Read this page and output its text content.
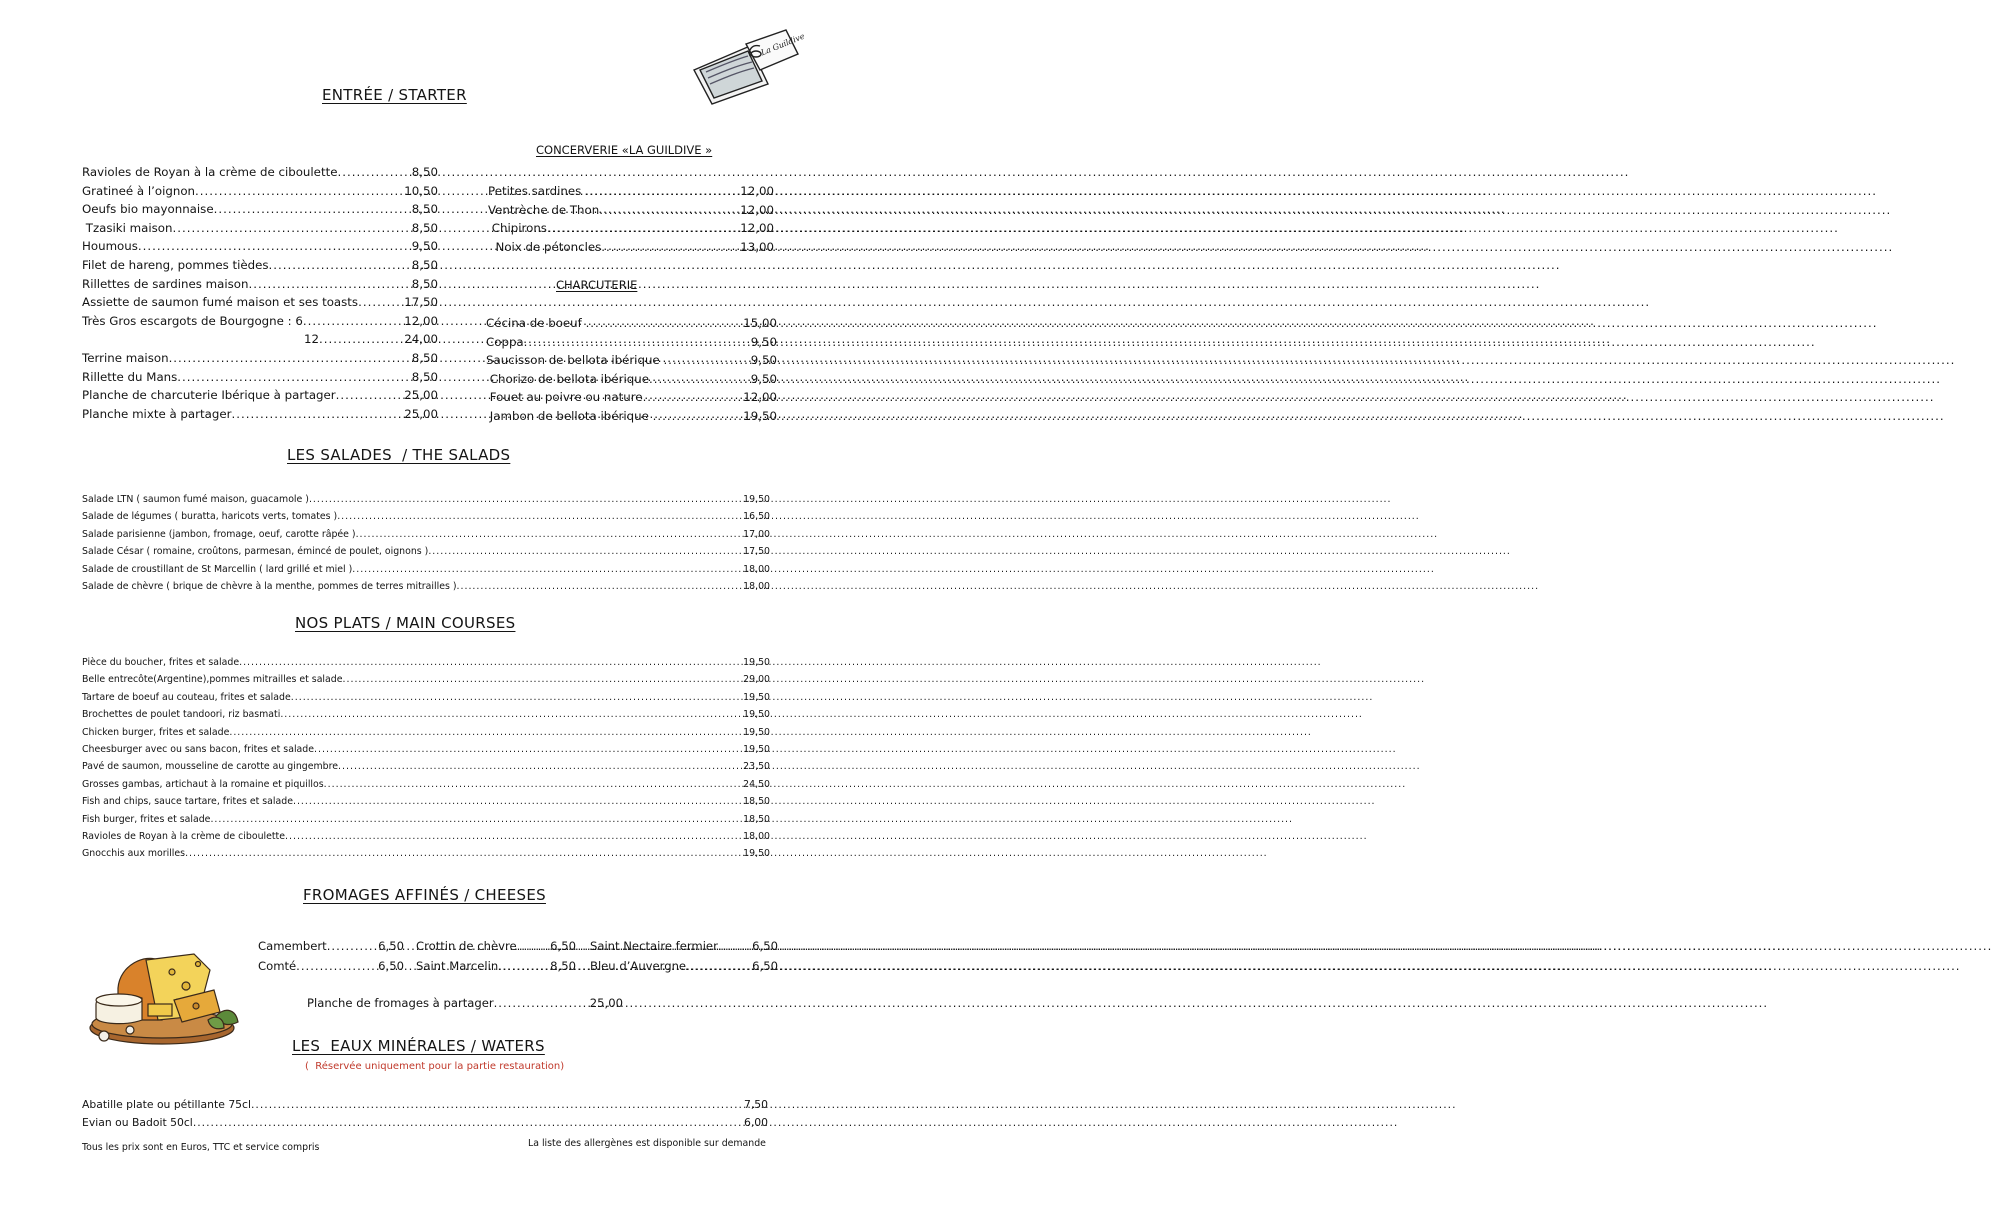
La Guildive
ENTRÉE / STARTER
Ravioles de Royan à la crème de ciboulette .....	8,50
Gratineé à l’oignon .....	10,50
Oeufs bio mayonnaise .....	8,50
Tzasiki maison .....	8,50
Houmous .....	9,50
Filet de hareng, pommes tièdes .....	8,50
Rillettes de sardines maison .....	8,50
Assiette de saumon fumé maison et ses toasts .....	17,50
Très Gros escargots de Bourgogne : 6 .....	12,00
12 .....	24,00
Terrine maison .....	8,50
Rillette du Mans .....	8,50
Planche de charcuterie Ibérique à partager .....	25,00
Planche mixte à partager .....	25,00
CONCERVERIE «LA GUILDIVE »
Petites sardines .....	12,00
Ventrèche de Thon .....	12,00
Chipirons .....	12,00
Noix de pétoncles .....	13,00
CHARCUTERIE
Cécina de boeuf .....	15,00
Coppa .....	9,50
Saucisson de bellota ibérique .....	9,50
Chorizo de bellota ibérique .....	9,50
Fouet au poivre ou nature .....	12,00
Jambon de bellota ibérique .....	19,50
LES SALADES  / THE SALADS
Salade LTN ( saumon fumé maison, guacamole ) .....	19,50
Salade de légumes ( buratta, haricots verts, tomates ) .....	16,50
Salade parisienne (jambon, fromage, oeuf, carotte râpée ) .....	17,00
Salade César ( romaine, croûtons, parmesan, émincé de poulet, oignons ) .....	17,50
Salade de croustillant de St Marcellin ( lard grillé et miel ) .....	18,00
Salade de chèvre ( brique de chèvre à la menthe, pommes de terres mitrailles ) .....	18,00
NOS PLATS / MAIN COURSES
Pièce du boucher, frites et salade .....	19,50
Belle entrecôte(Argentine),pommes mitrailles et salade .....	29,00
Tartare de boeuf au couteau, frites et salade .....	19,50
Brochettes de poulet tandoori, riz basmati .....	19,50
Chicken burger, frites et salade .....	19,50
Cheesburger avec ou sans bacon, frites et salade .....	19,50
Pavé de saumon, mousseline de carotte au gingembre .....	23,50
Grosses gambas, artichaut à la romaine et piquillos .....	24,50
Fish and chips, sauce tartare, frites et salade .....	18,50
Fish burger, frites et salade .....	18,50
Ravioles de Royan à la crème de ciboulette .....	18,00
Gnocchis aux morilles .....	19,50
FROMAGES AFFINÉS / CHEESES
Camembert .....	6,50
Comté .....	6,50
Crottin de chèvre .....	6,50
Saint Marcelin .....	8,50
Saint Nectaire fermier .....	6,50
Bleu d’Auvergne .....	6,50
Planche de fromages à partager .....	25,00
LES  EAUX MINÉRALES / WATERS
(  Réservée uniquement pour la partie restauration)
Abatille plate ou pétillante 75cl .....	7,50
Evian ou Badoit 50cl .....	6,00
Tous les prix sont en Euros, TTC et service compris	La liste des allergènes est disponible sur demande
